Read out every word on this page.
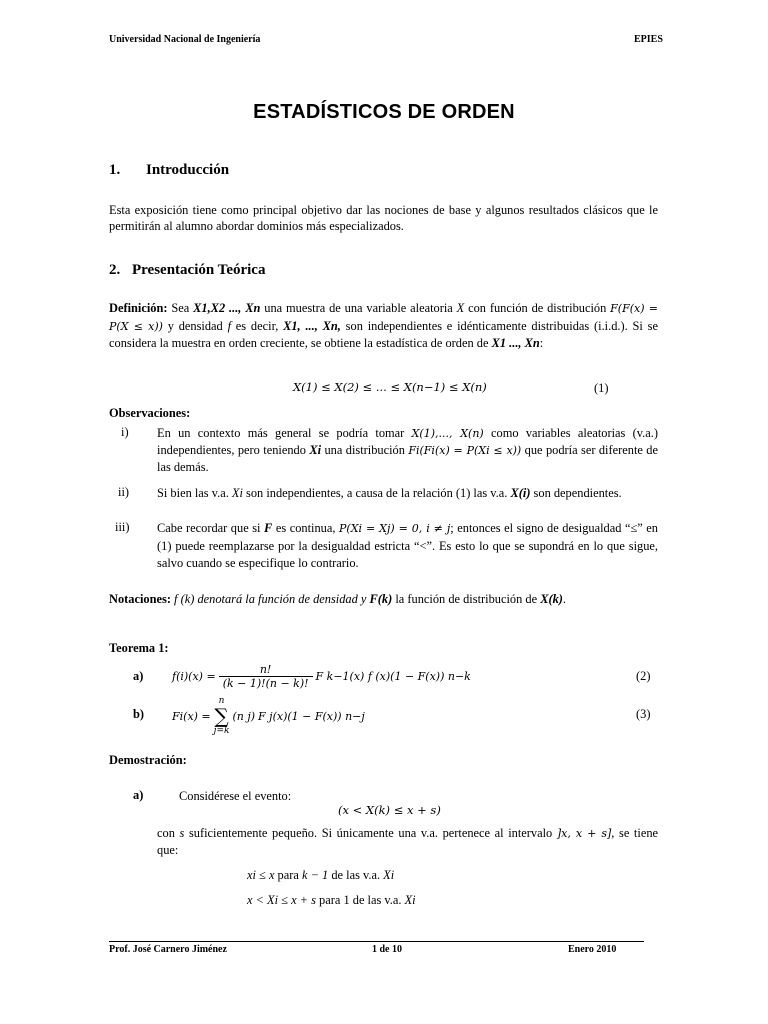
Universidad Nacional de Ingeniería	EPIES
ESTADÍSTICOS DE ORDEN
1. Introducción
Esta exposición tiene como principal objetivo dar las nociones de base y algunos resultados clásicos que le permitirán al alumno abordar dominios más especializados.
2. Presentación Teórica
Definición: Sea X1,X2 ..., Xn una muestra de una variable aleatoria X con función de distribución F(F(x) = P(X ≤ x)) y densidad f es decir, X1, ..., Xn, son independientes e idénticamente distribuidas (i.i.d.). Si se considera la muestra en orden creciente, se obtiene la estadística de orden de X1 ..., Xn:
X(1) ≤ X(2) ≤ ... ≤ X(n−1) ≤ X(n)	(1)
Observaciones:
i) En un contexto más general se podría tomar X(1),..., X(n) como variables aleatorias (v.a.) independientes, pero teniendo Xi una distribución Fi(Fi(x) = P(Xi ≤ x)) que podría ser diferente de las demás.
ii) Si bien las v.a. Xi son independientes, a causa de la relación (1) las v.a. X(i) son dependientes.
iii) Cabe recordar que si F es continua, P(Xi = Xj) = 0, i ≠ j; entonces el signo de desigualdad “≤” en (1) puede reemplazarse por la desigualdad estricta “<”. Es esto lo que se supondrá en lo que sigue, salvo cuando se especifique lo contrario.
Notaciones: f (k) denotará la función de densidad y F(k) la función de distribución de X(k).
Teorema 1:
a)	$f(i)(x) = \frac{n!}{(k - 1)!(n - k)!}$ F k−1(x) f (x)(1 − F(x)) n−k	(2)
b)	Fi(x) =
n
∑
j=k
(n j) F j(x)(1 − F(x)) n−j	(3)
Demostración:
a)	Considérese el evento:
(x < X(k) ≤ x + s)
con s suficientemente pequeño. Si únicamente una v.a. pertenece al intervalo ]x, x + s], se tiene que:
xi ≤ x para k − 1 de las v.a. Xi
x < Xi ≤ x + s para 1 de las v.a. Xi
Prof. José Carnero Jiménez	1 de 10	Enero 2010
